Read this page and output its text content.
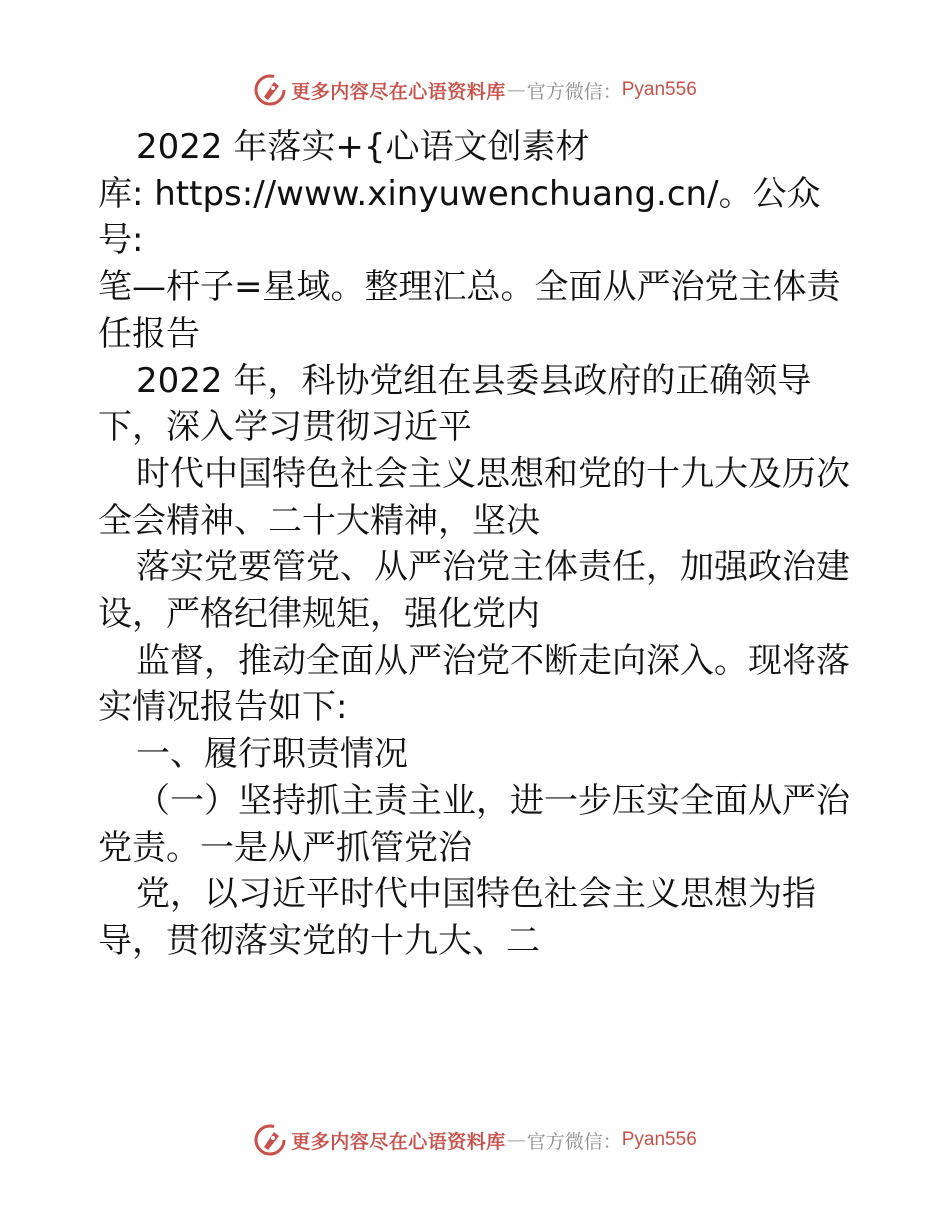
更多内容尽在心语资料库 — 官方微信： Pyan556

2022 年落实+{心语文创素材

库: https://www.xinyuwenchuang.cn/。公众号:

笔—杆子=星域。整理汇总。全面从严治党主体责

任报告

2022 年，科协党组在县委县政府的正确领导

下，深入学习贯彻习近平

时代中国特色社会主义思想和党的十九大及历次

全会精神、二十大精神，坚决

落实党要管党、从严治党主体责任，加强政治建

设，严格纪律规矩，强化党内

监督，推动全面从严治党不断走向深入。现将落

实情况报告如下:

一、履行职责情况

（一）坚持抓主责主业，进一步压实全面从严治

党责。一是从严抓管党治

党，以习近平时代中国特色社会主义思想为指

导，贯彻落实党的十九大、二

更多内容尽在心语资料库 — 官方微信： Pyan556
